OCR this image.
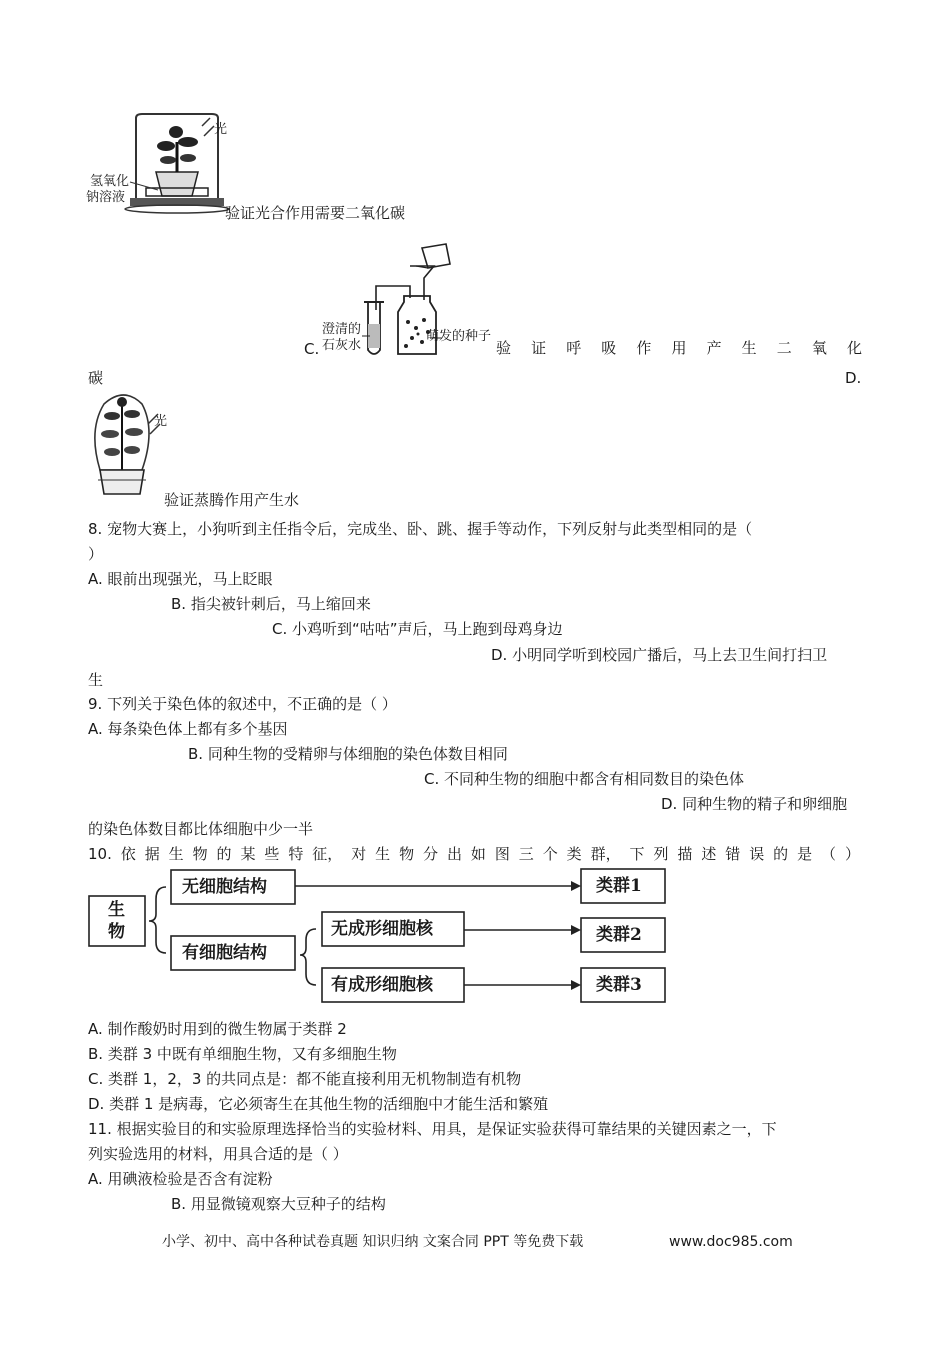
光
氢氧化
钠溶液
验证光合作用需要二氧化碳
澄清的
石灰水
萌发的种子
C.	验 证 呼 吸 作 用 产 生 二 氧 化
碳	D.
光
验证蒸腾作用产生水
8. 宠物大赛上，小狗听到主任指令后，完成坐、卧、跳、握手等动作，下列反射与此类型相同的是（
）
A. 眼前出现强光，马上眨眼
B. 指尖被针刺后，马上缩回来
C. 小鸡听到“咕咕”声后，马上跑到母鸡身边
D. 小明同学听到校园广播后，马上去卫生间打扫卫
生
9. 下列关于染色体的叙述中，不正确的是（ ）
A. 每条染色体上都有多个基因
B. 同种生物的受精卵与体细胞的染色体数目相同
C. 不同种生物的细胞中都含有相同数目的染色体
D. 同种生物的精子和卵细胞
的染色体数目都比体细胞中少一半
10. 依 据 生 物 的 某 些 特 征， 对 生 物 分 出 如 图 三 个 类 群， 下 列 描 述 错 误 的 是 （ ）
生
物
无细胞结构
有细胞结构
无成形细胞核
有成形细胞核
类群1
类群2
类群3
A. 制作酸奶时用到的微生物属于类群 2
B. 类群 3 中既有单细胞生物，又有多细胞生物
C. 类群 1，2，3 的共同点是：都不能直接利用无机物制造有机物
D. 类群 1 是病毒，它必须寄生在其他生物的活细胞中才能生活和繁殖
11. 根据实验目的和实验原理选择恰当的实验材料、用具，是保证实验获得可靠结果的关键因素之一，下
列实验选用的材料，用具合适的是（ ）
A. 用碘液检验是否含有淀粉
B. 用显微镜观察大豆种子的结构
小学、初中、高中各种试卷真题 知识归纳 文案合同 PPT 等免费下载	www.doc985.com
